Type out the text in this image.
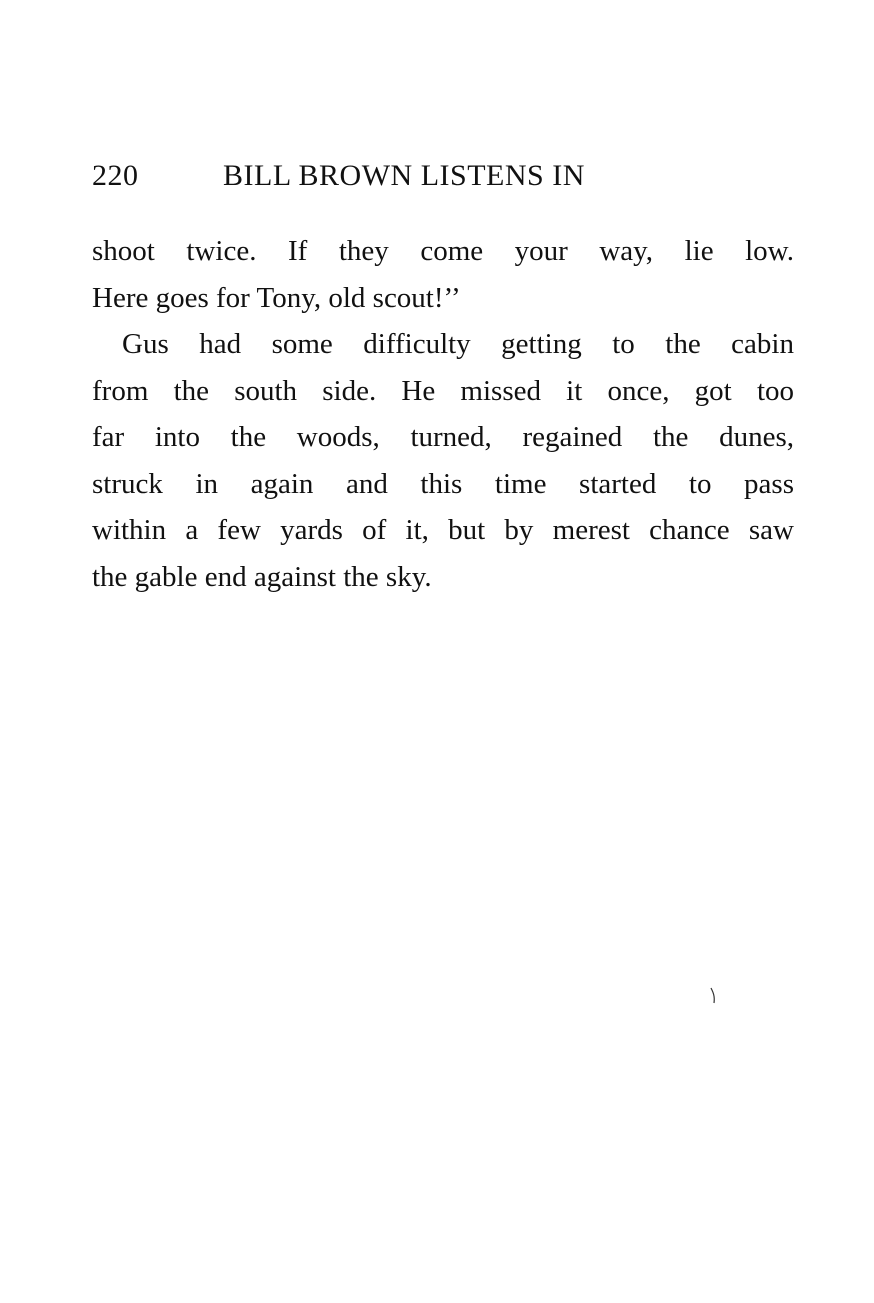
220	BILL BROWN LISTENS IN
shoot twice. If they come your way, lie low.
Here goes for Tony, old scout!’’
Gus had some difficulty getting to the cabin
from the south side. He missed it once, got too
far into the woods, turned, regained the dunes,
struck in again and this time started to pass
within a few yards of it, but by merest chance saw
the gable end against the sky.
